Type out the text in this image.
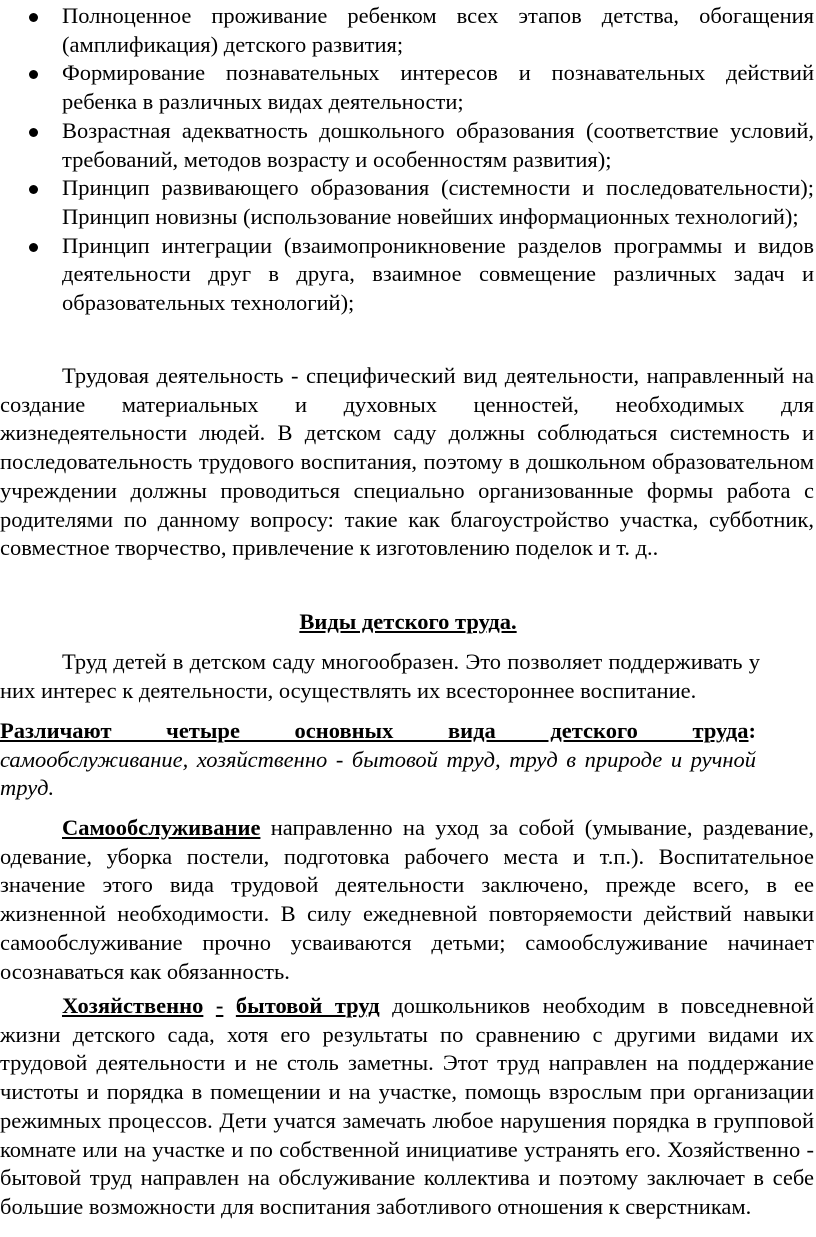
Полноценное проживание ребенком всех этапов детства, обогащения (амплификация) детского развития;
Формирование познавательных интересов и познавательных действий ребенка в различных видах деятельности;
Возрастная адекватность дошкольного образования (соответствие условий, требований, методов возрасту и особенностям развития);
Принцип развивающего образования (системности и последовательности); Принцип новизны (использование новейших информационных технологий);
Принцип интеграции (взаимопроникновение разделов программы и видов деятельности друг в друга, взаимное совмещение различных задач и образовательных технологий);

Трудовая деятельность - специфический вид деятельности, направленный на создание материальных и духовных ценностей, необходимых для жизнедеятельности людей. В детском саду должны соблюдаться системность и последовательность трудового воспитания, поэтому в дошкольном образовательном учреждении должны проводиться специально организованные формы работа с родителями по данному вопросу: такие как благоустройство участка, субботник, совместное творчество, привлечение к изготовлению поделок и т. д..

Виды детского труда.

Труд детей в детском саду многообразен. Это позволяет поддерживать у них интерес к деятельности, осуществлять их всестороннее воспитание.

Различают четыре основных вида детского труда:
самообслуживание, хозяйственно - бытовой труд, труд в природе и ручной труд.

Самообслуживание направленно на уход за собой (умывание, раздевание, одевание, уборка постели, подготовка рабочего места и т.п.). Воспитательное значение этого вида трудовой деятельности заключено, прежде всего, в ее жизненной необходимости. В силу ежедневной повторяемости действий навыки самообслуживание прочно усваиваются детьми; самообслуживание начинает осознаваться как обязанность.

Хозяйственно - бытовой труд дошкольников необходим в повседневной жизни детского сада, хотя его результаты по сравнению с другими видами их трудовой деятельности и не столь заметны. Этот труд направлен на поддержание чистоты и порядка в помещении и на участке, помощь взрослым при организации режимных процессов. Дети учатся замечать любое нарушения порядка в групповой комнате или на участке и по собственной инициативе устранять его. Хозяйственно - бытовой труд направлен на обслуживание коллектива и поэтому заключает в себе большие возможности для воспитания заботливого отношения к сверстникам.
